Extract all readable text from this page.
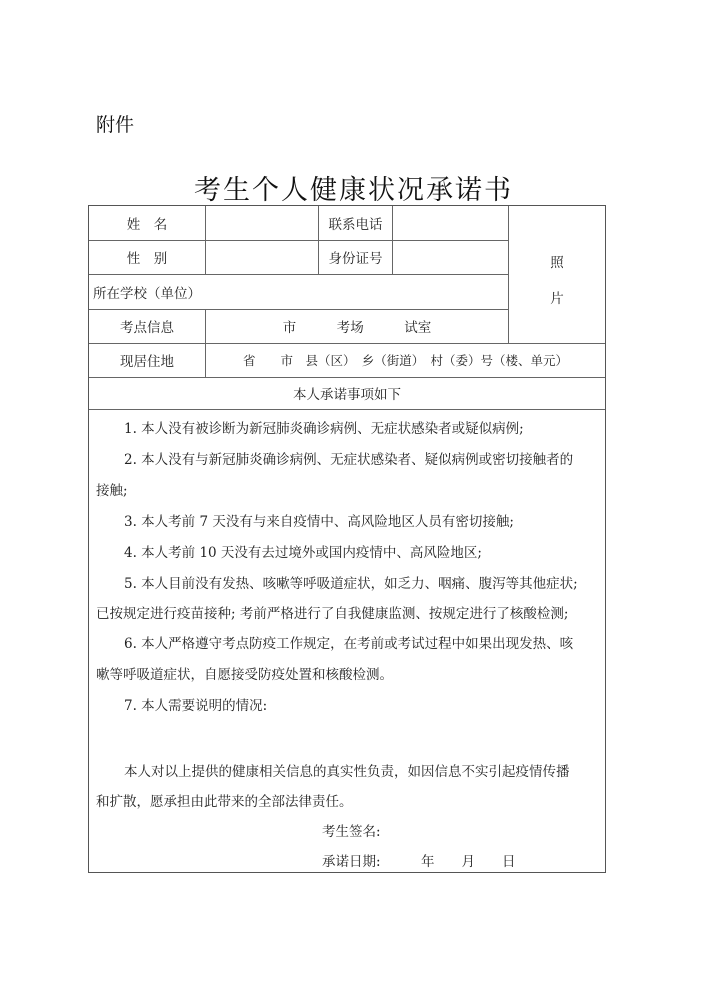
附件
考生个人健康状况承诺书
姓　名	联系电话
性　别	身份证号
所在学校（单位）
照
片
考点信息	市　　　考场　　　试室
现居住地	省　　市　县（区）　乡（街道）　村（委）号（楼、单元）
本人承诺事项如下
1. 本人没有被诊断为新冠肺炎确诊病例、无症状感染者或疑似病例;
2. 本人没有与新冠肺炎确诊病例、无症状感染者、疑似病例或密切接触者的
接触;
3. 本人考前 7 天没有与来自疫情中、高风险地区人员有密切接触;
4. 本人考前 10 天没有去过境外或国内疫情中、高风险地区;
5. 本人目前没有发热、咳嗽等呼吸道症状，如乏力、咽痛、腹泻等其他症状;
已按规定进行疫苗接种; 考前严格进行了自我健康监测、按规定进行了核酸检测;
6. 本人严格遵守考点防疫工作规定，在考前或考试过程中如果出现发热、咳
嗽等呼吸道症状，自愿接受防疫处置和核酸检测。
7. 本人需要说明的情况:
本人对以上提供的健康相关信息的真实性负责，如因信息不实引起疫情传播
和扩散，愿承担由此带来的全部法律责任。
考生签名:
承诺日期:　　　年　　月　　日
